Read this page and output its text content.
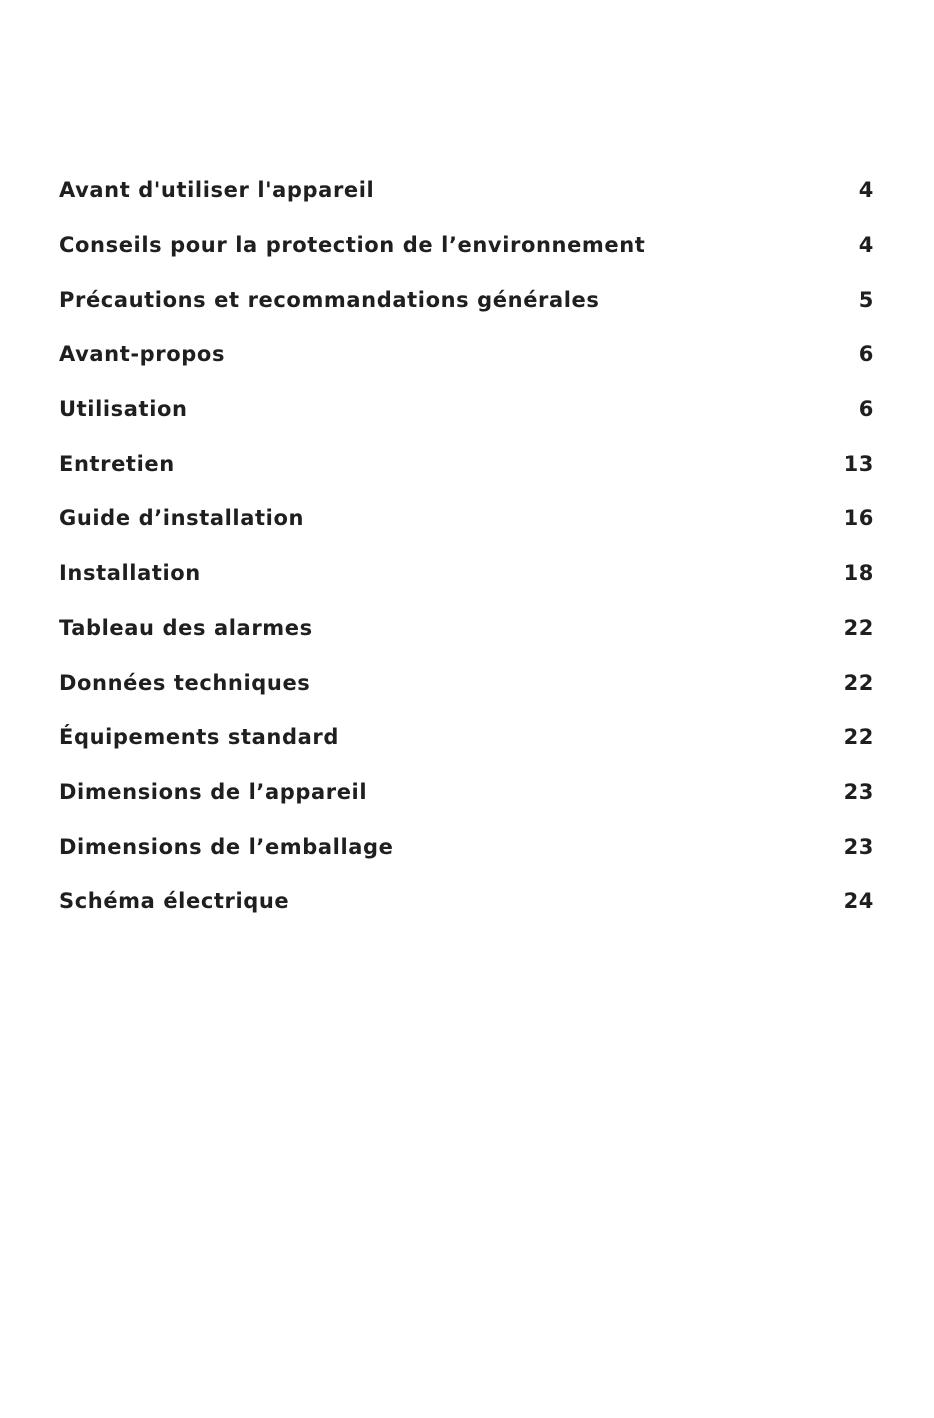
Avant d'utiliser l'appareil	4
Conseils pour la protection de l’environnement	4
Précautions et recommandations générales	5
Avant-propos	6
Utilisation	6
Entretien	13
Guide d’installation	16
Installation	18
Tableau des alarmes	22
Données techniques	22
Équipements standard	22
Dimensions de l’appareil	23
Dimensions de l’emballage	23
Schéma électrique	24
